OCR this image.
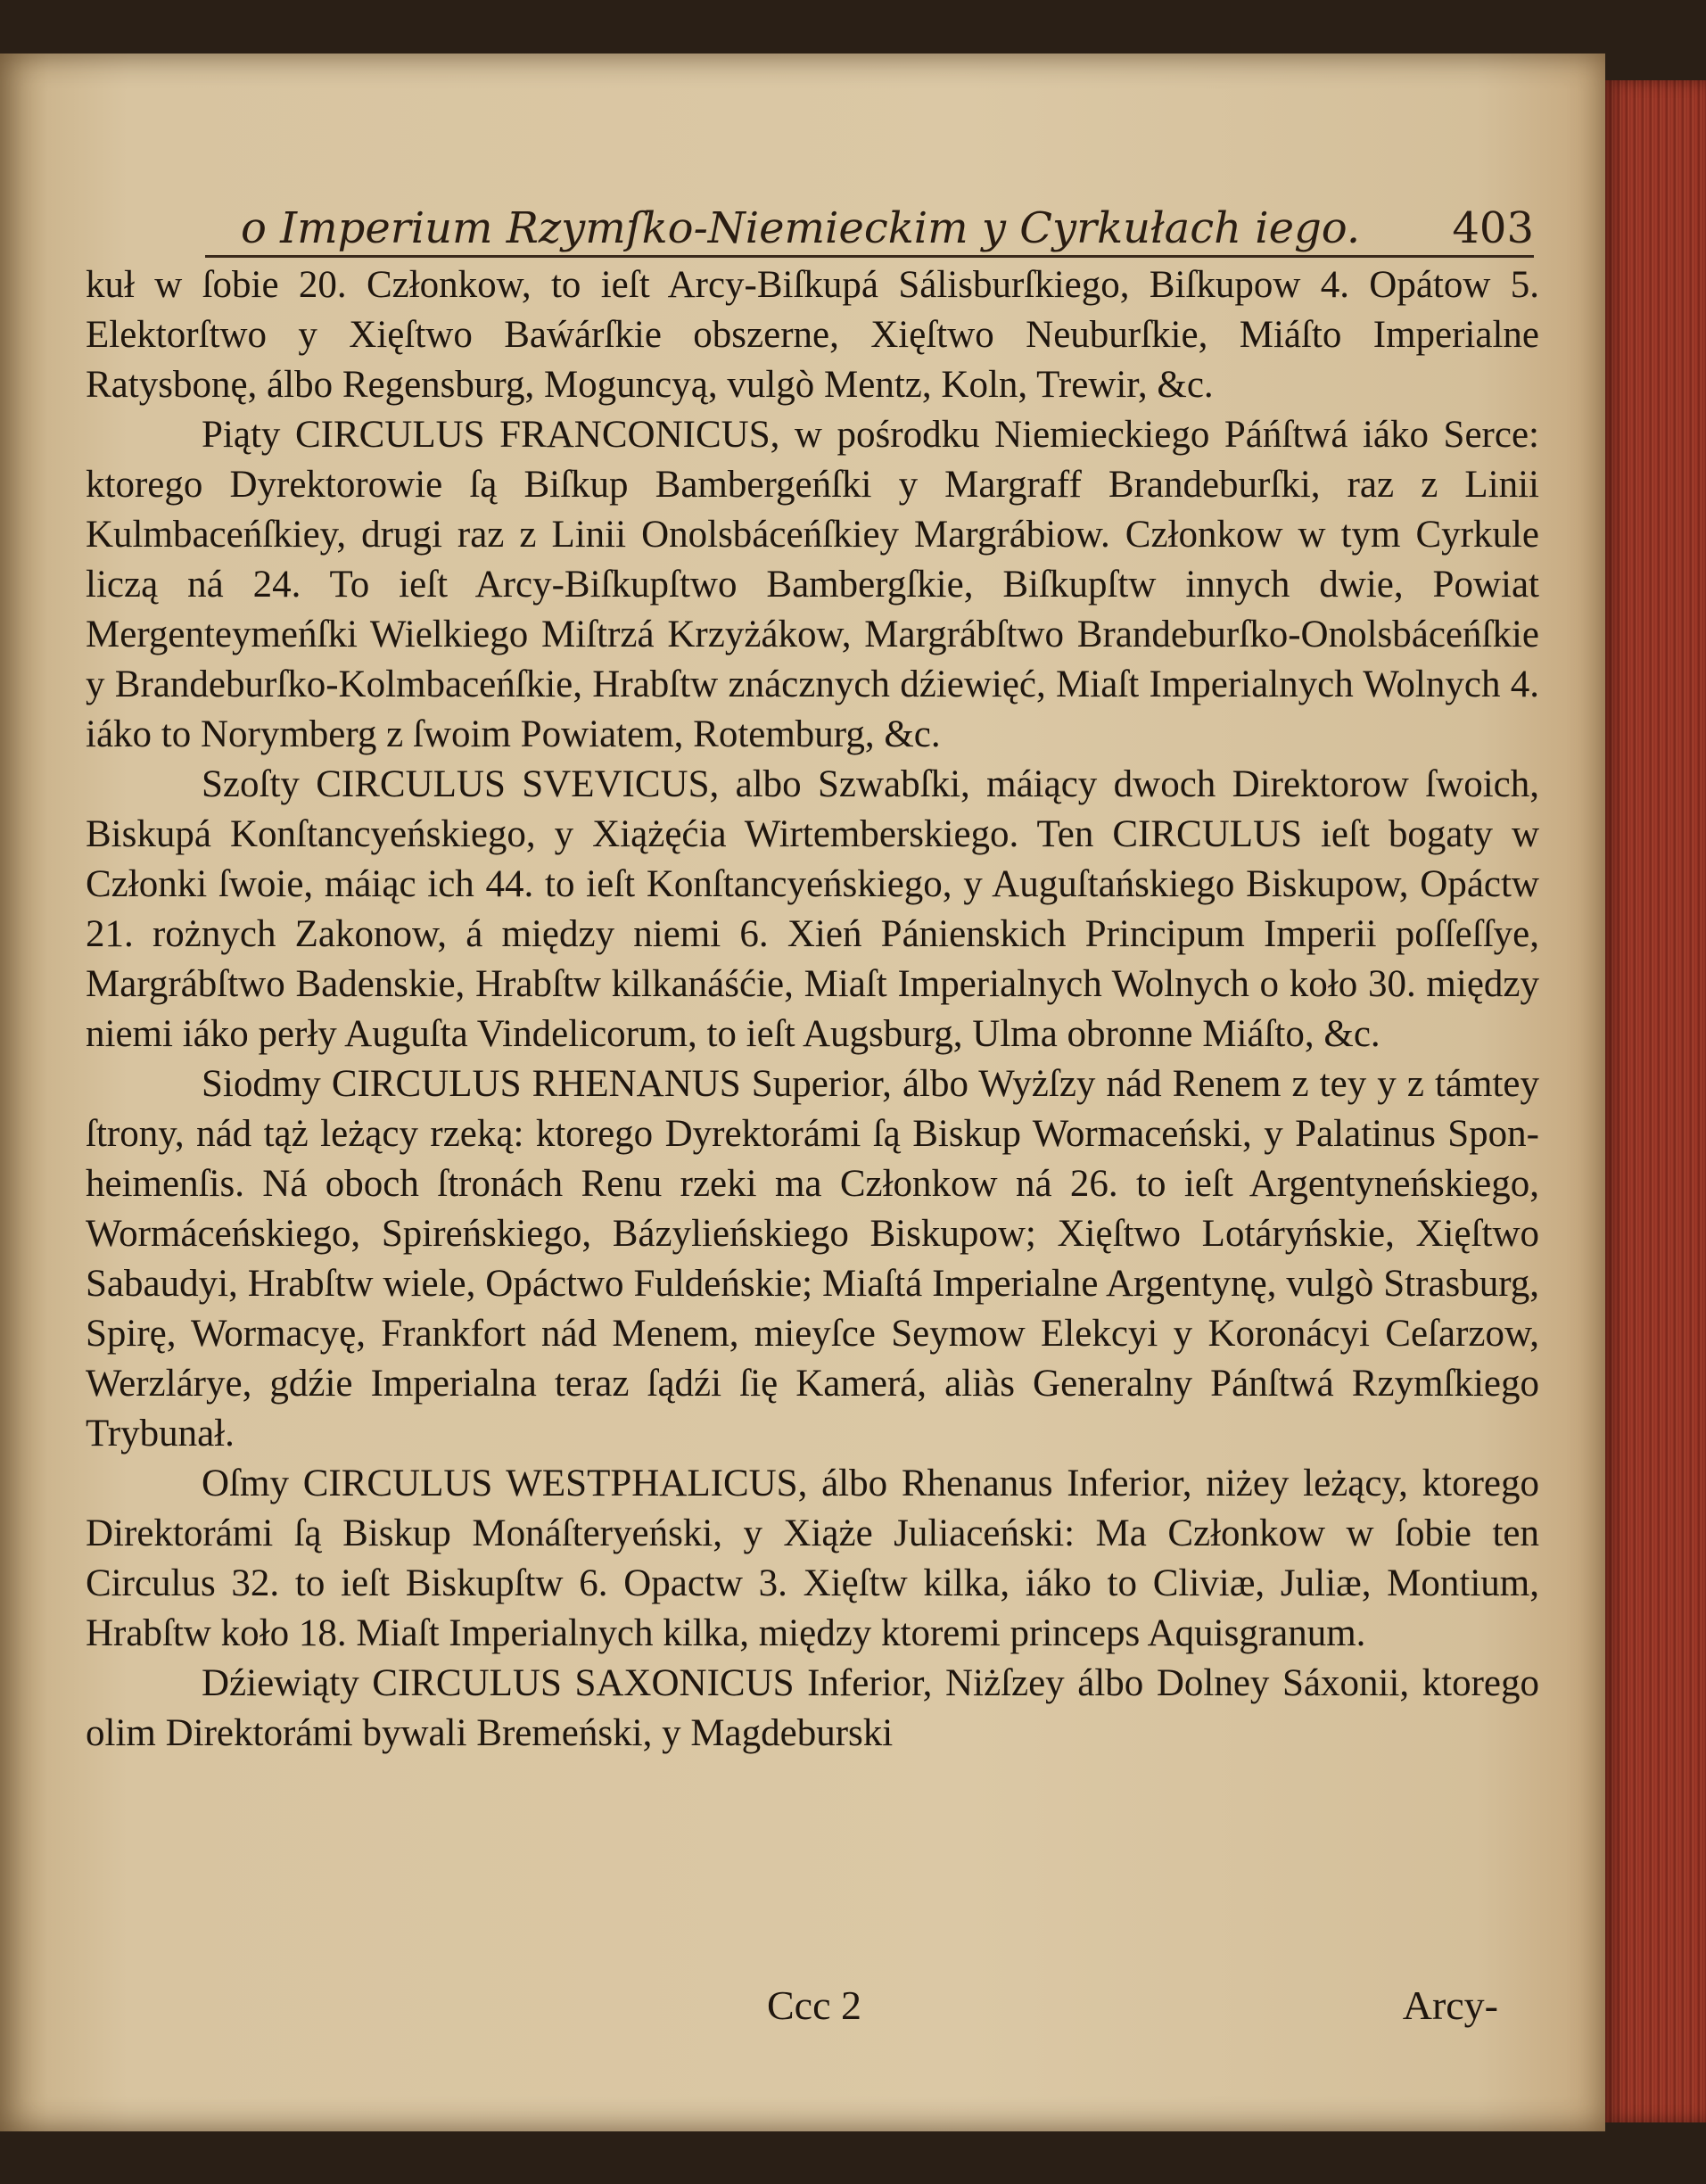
o Imperium Rzymſko-Niemieckim y Cyrkułach iego. 403

kuł w ſobie 20. Członkow, to ieſt Arcy-Biſkupá Sálisburſkiego, Biſkupow 4. Opátow 5. Elektorſtwo y Xięſtwo Baẃárſkie obszerne, Xięſtwo Neuburſkie, Miáſto Imperialne Ratysbonę, álbo Regensburg, Moguncyą, vulgò Mentz, Koln, Trewir, &c.

Piąty CIRCULUS FRANCONICUS, w pośrodku Niemieckiego Páńſtwá iáko Serce: ktorego Dyrektorowie ſą Biſkup Bambergeńſki y Margraff Brandeburſki, raz z Linii Kulmbaceńſkiey, drugi raz z Linii Onolsbáceńſkiey Margrábiow. Członkow w tym Cyrkule liczą ná 24. To ieſt Arcy-Biſkupſtwo Bambergſkie, Biſkupſtw innych dwie, Powiat Mergenteymeńſki Wielkiego Miſtrzá Krzyżákow, Margrábſtwo Brandeburſko-Onolsbáceńſkie y Brandeburſko-Kolmbaceńſkie, Hrabſtw znácznych dźiewięć, Miaſt Imperialnych Wolnych 4. iáko to Norymberg z ſwoim Powiatem, Rotemburg, &c.

Szoſty CIRCULUS SVEVICUS, albo Szwabſki, máiący dwoch Direktorow ſwoich, Biskupá Konſtancyeńskiego, y Xiążęćia Wirtemberskiego. Ten CIRCULUS ieſt bogaty w Członki ſwoie, máiąc ich 44. to ieſt Konſtancyeńskiego, y Auguſtańskiego Biskupow, Opáctw 21. rożnych Zakonow, á między niemi 6. Xień Pánienskich Principum Imperii poſſeſſye, Margrábſtwo Badenskie, Hrabſtw kilkanáśćie, Miaſt Imperialnych Wolnych o koło 30. między niemi iáko perły Auguſta Vindelicorum, to ieſt Augsburg, Ulma obronne Miáſto, &c.

Siodmy CIRCULUS RHENANUS Superior, álbo Wyżſzy nád Renem z tey y z támtey ſtrony, nád tąż leżący rzeką: ktorego Dyrektorámi ſą Biskup Wormaceński, y Palatinus Spon-heimenſis. Ná oboch ſtronách Renu rzeki ma Członkow ná 26. to ieſt Argentyneńskiego, Wormáceńskiego, Spireńskiego, Bázylieńskiego Biskupow; Xięſtwo Lotáryńskie, Xięſtwo Sabaudyi, Hrabſtw wiele, Opáctwo Fuldeńskie; Miaſtá Imperialne Argentynę, vulgò Strasburg, Spirę, Wormacyę, Frankfort nád Menem, mieyſce Seymow Elekcyi y Koronácyi Ceſarzow, Werzlárye, gdźie Imperialna teraz ſądźi ſię Kamerá, aliàs Generalny Pánſtwá Rzymſkiego Trybunał.

Oſmy CIRCULUS WESTPHALICUS, álbo Rhenanus Inferior, niżey leżący, ktorego Direktorámi ſą Biskup Monáſteryeński, y Xiąże Juliaceński: Ma Członkow w ſobie ten Circulus 32. to ieſt Biskupſtw 6. Opactw 3. Xięſtw kilka, iáko to Cliviæ, Juliæ, Montium, Hrabſtw koło 18. Miaſt Imperialnych kilka, między ktoremi princeps Aquisgranum.

Dźiewiąty CIRCULUS SAXONICUS Inferior, Niżſzey álbo Dolney Sáxonii, ktorego olim Direktorámi bywali Bremeński, y Magdeburski

Ccc 2	Arcy-
